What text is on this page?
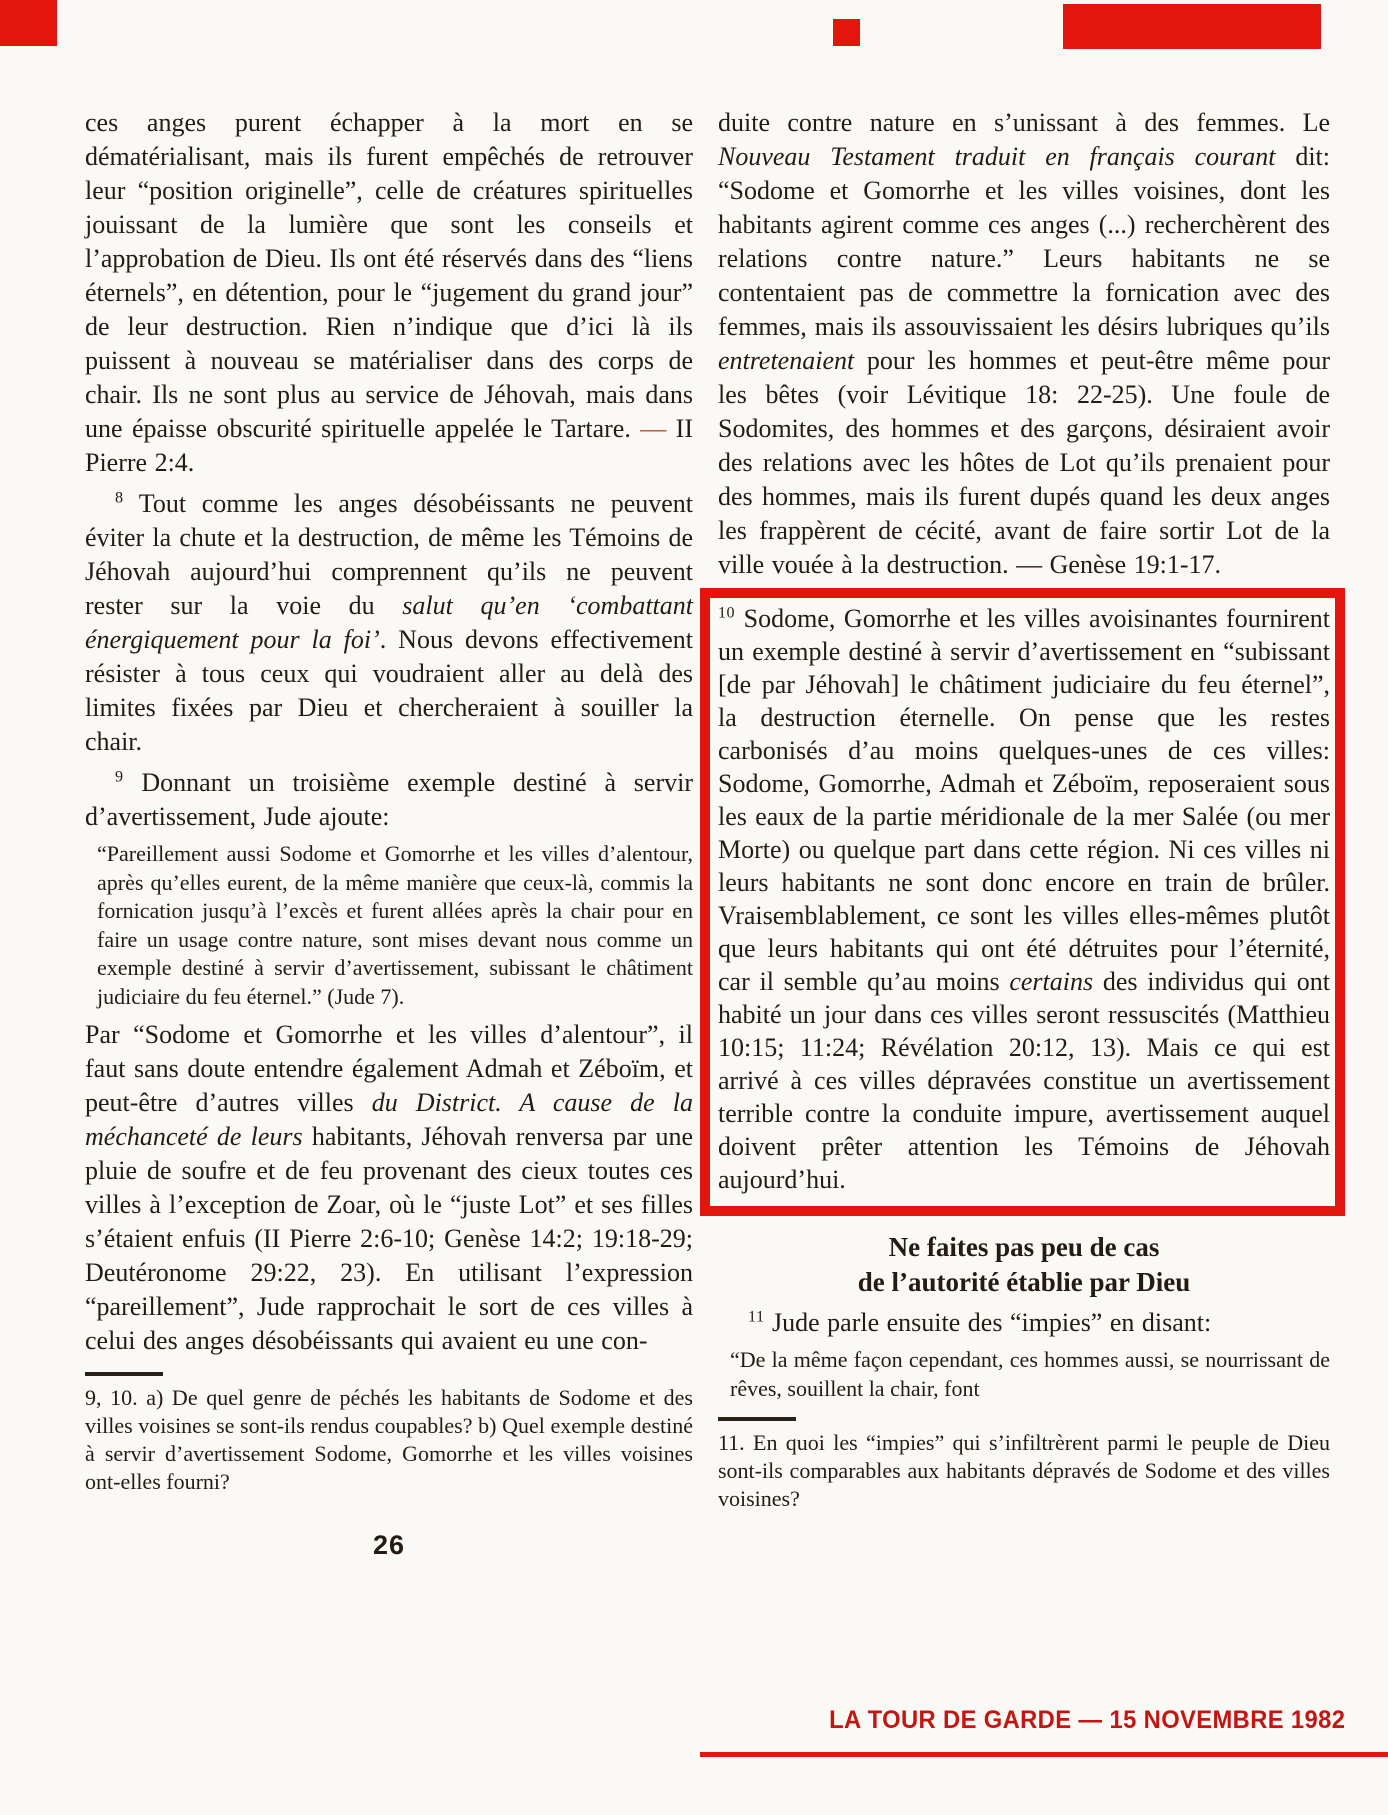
ces anges purent échapper à la mort en se dématérialisant, mais ils furent empêchés de retrouver leur “position originelle”, celle de créatures spirituelles jouissant de la lumière que sont les conseils et l’approbation de Dieu. Ils ont été réservés dans des “liens éternels”, en détention, pour le “jugement du grand jour” de leur destruction. Rien n’indique que d’ici là ils puissent à nouveau se matérialiser dans des corps de chair. Ils ne sont plus au service de Jéhovah, mais dans une épaisse obscurité spirituelle appelée le Tartare. — II Pierre 2:4.

$^8$ Tout comme les anges désobéissants ne peuvent éviter la chute et la destruction, de même les Témoins de Jéhovah aujourd’hui comprennent qu’ils ne peuvent rester sur la voie du salut qu’en ‘combattant énergiquement pour la foi’. Nous devons effectivement résister à tous ceux qui voudraient aller au delà des limites fixées par Dieu et chercheraient à souiller la chair.

$^9$ Donnant un troisième exemple destiné à servir d’avertissement, Jude ajoute:

“Pareillement aussi Sodome et Gomorrhe et les villes d’alentour, après qu’elles eurent, de la même manière que ceux-là, commis la fornication jusqu’à l’excès et furent allées après la chair pour en faire un usage contre nature, sont mises devant nous comme un exemple destiné à servir d’avertissement, subissant le châtiment judiciaire du feu éternel.” (Jude 7).

Par “Sodome et Gomorrhe et les villes d’alentour”, il faut sans doute entendre également Admah et Zéboïm, et peut-être d’autres villes du District. A cause de la méchanceté de leurs habitants, Jéhovah renversa par une pluie de soufre et de feu provenant des cieux toutes ces villes à l’exception de Zoar, où le “juste Lot” et ses filles s’étaient enfuis (II Pierre 2:6-10; Genèse 14:2; 19:18-29; Deutéronome 29:22, 23). En utilisant l’expression “pareillement”, Jude rapprochait le sort de ces villes à celui des anges désobéissants qui avaient eu une con-

9, 10. a) De quel genre de péchés les habitants de Sodome et des villes voisines se sont-ils rendus coupables? b) Quel exemple destiné à servir d’avertissement Sodome, Gomorrhe et les villes voisines ont-elles fourni?
26

duite contre nature en s’unissant à des femmes. Le Nouveau Testament traduit en français courant dit: “Sodome et Gomorrhe et les villes voisines, dont les habitants agirent comme ces anges (...) recherchèrent des relations contre nature.” Leurs habitants ne se contentaient pas de commettre la fornication avec des femmes, mais ils assouvissaient les désirs lubriques qu’ils entretenaient pour les hommes et peut-être même pour les bêtes (voir Lévitique 18: 22-25). Une foule de Sodomites, des hommes et des garçons, désiraient avoir des relations avec les hôtes de Lot qu’ils prenaient pour des hommes, mais ils furent dupés quand les deux anges les frappèrent de cécité, avant de faire sortir Lot de la ville vouée à la destruction. — Genèse 19:1-17.

$^{10}$ Sodome, Gomorrhe et les villes avoisinantes fournirent un exemple destiné à servir d’avertissement en “subissant [de par Jéhovah] le châtiment judiciaire du feu éternel”, la destruction éternelle. On pense que les restes carbonisés d’au moins quelques-unes de ces villes: Sodome, Gomorrhe, Admah et Zéboïm, reposeraient sous les eaux de la partie méridionale de la mer Salée (ou mer Morte) ou quelque part dans cette région. Ni ces villes ni leurs habitants ne sont donc encore en train de brûler. Vraisemblablement, ce sont les villes elles-mêmes plutôt que leurs habitants qui ont été détruites pour l’éternité, car il semble qu’au moins certains des individus qui ont habité un jour dans ces villes seront ressuscités (Matthieu 10:15; 11:24; Révélation 20:12, 13). Mais ce qui est arrivé à ces villes dépravées constitue un avertissement terrible contre la conduite impure, avertissement auquel doivent prêter attention les Témoins de Jéhovah aujourd’hui.

Ne faites pas peu de cas
de l’autorité établie par Dieu

$^{11}$ Jude parle ensuite des “impies” en disant:

“De la même façon cependant, ces hommes aussi, se nourrissant de rêves, souillent la chair, font
11. En quoi les “impies” qui s’infiltrèrent parmi le peuple de Dieu sont-ils comparables aux habitants dépravés de Sodome et des villes voisines?
LA TOUR DE GARDE — 15 NOVEMBRE 1982
